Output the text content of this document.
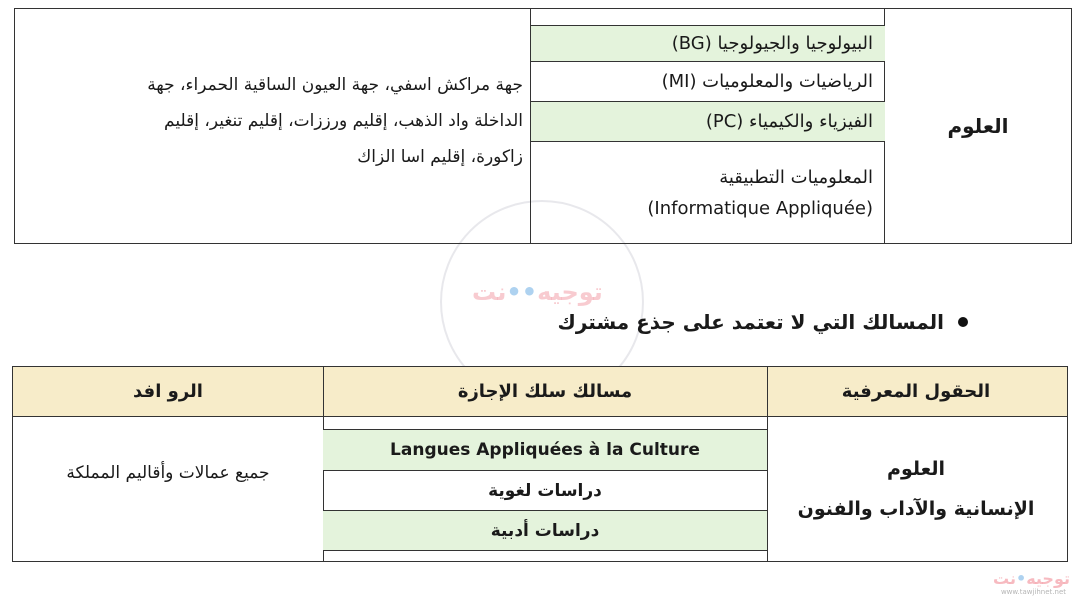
توجيه••نت
العلوم
البيولوجيا والجيولوجيا (BG)
الرياضيات والمعلوميات (MI)
الفيزياء والكيمياء (PC)
المعلوميات التطبيقية
(Informatique Appliquée)
جهة مراكش اسفي، جهة العيون الساقية الحمراء، جهة
الداخلة واد الذهب، إقليم ورززات، إقليم تنغير، إقليم
زاكورة، إقليم اسا الزاك
المسالك التي لا تعتمد على جذع مشترك
الحقول المعرفية
مسالك سلك الإجازة
الرو افد
Langues Appliquées à la Culture
دراسات لغوية
دراسات أدبية
العلوم
الإنسانية والآداب والفنون
جميع عمالات وأقاليم المملكة
توجيه•نت
www.tawjihnet.net
